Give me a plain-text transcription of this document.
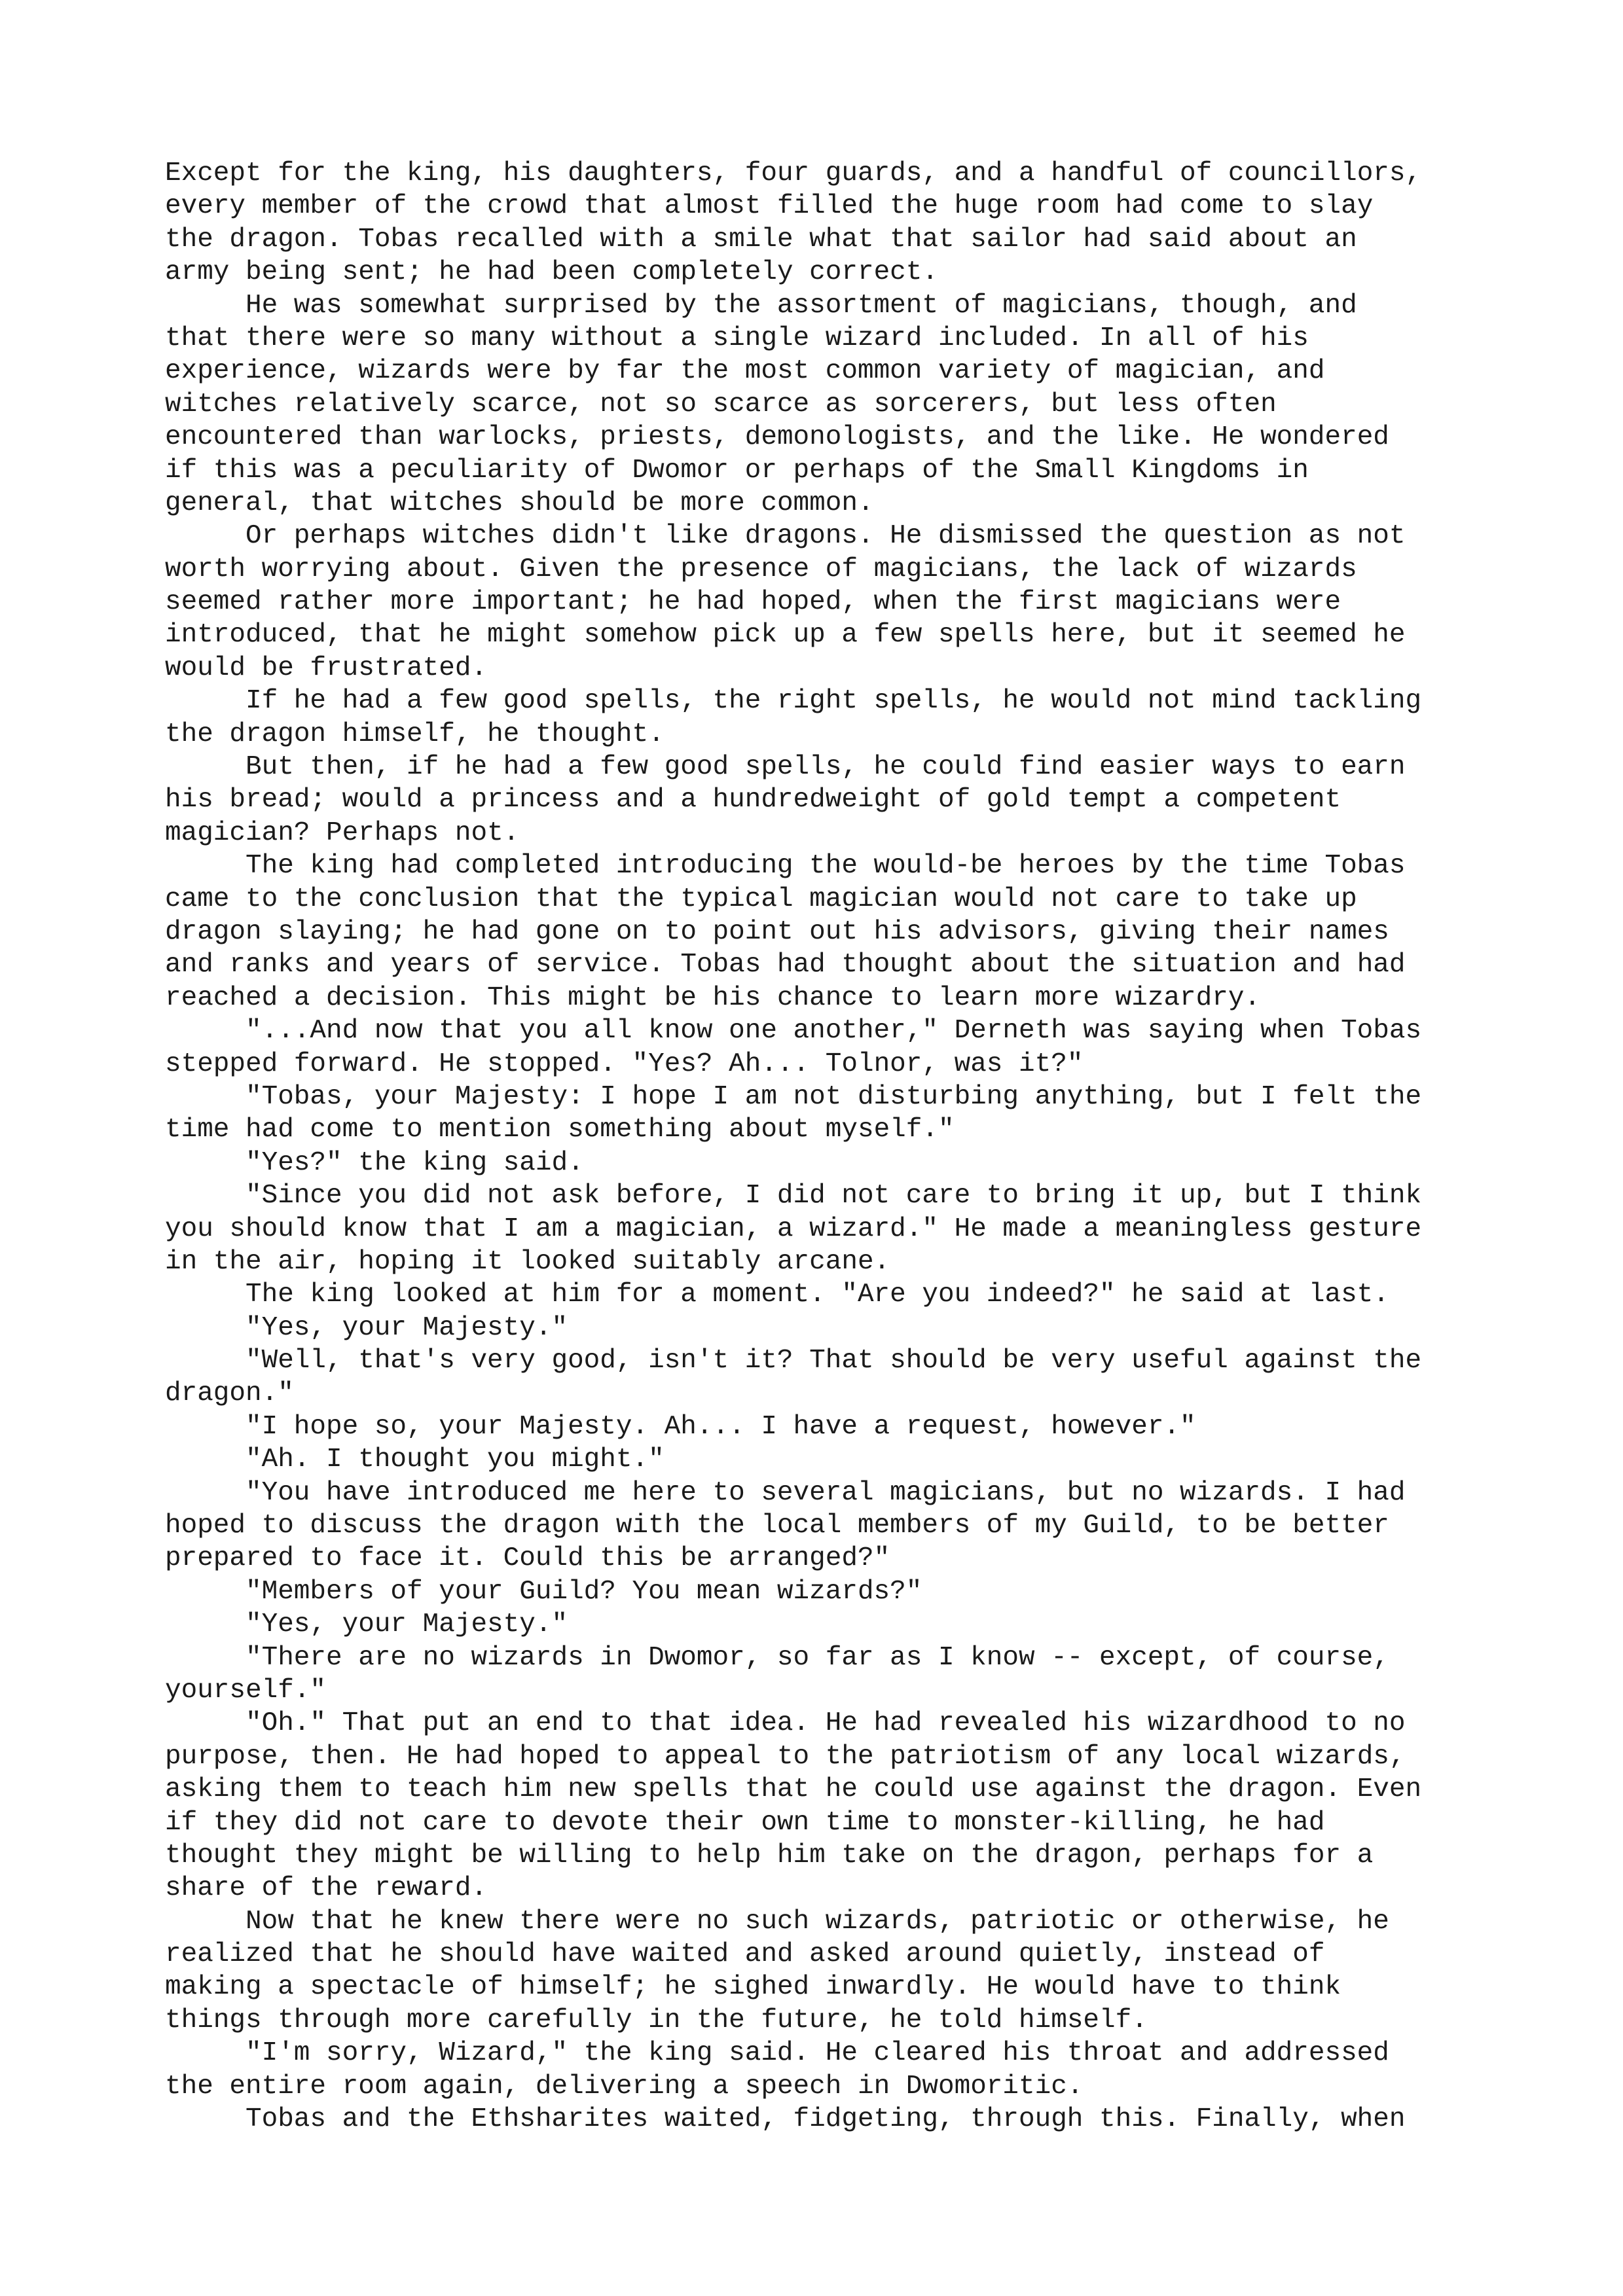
Except for the king, his daughters, four guards, and a handful of councillors,
every member of the crowd that almost filled the huge room had come to slay
the dragon. Tobas recalled with a smile what that sailor had said about an
army being sent; he had been completely correct.
He was somewhat surprised by the assortment of magicians, though, and
that there were so many without a single wizard included. In all of his
experience, wizards were by far the most common variety of magician, and
witches relatively scarce, not so scarce as sorcerers, but less often
encountered than warlocks, priests, demonologists, and the like. He wondered
if this was a peculiarity of Dwomor or perhaps of the Small Kingdoms in
general, that witches should be more common.
Or perhaps witches didn't like dragons. He dismissed the question as not
worth worrying about. Given the presence of magicians, the lack of wizards
seemed rather more important; he had hoped, when the first magicians were
introduced, that he might somehow pick up a few spells here, but it seemed he
would be frustrated.
If he had a few good spells, the right spells, he would not mind tackling
the dragon himself, he thought.
But then, if he had a few good spells, he could find easier ways to earn
his bread; would a princess and a hundredweight of gold tempt a competent
magician? Perhaps not.
The king had completed introducing the would-be heroes by the time Tobas
came to the conclusion that the typical magician would not care to take up
dragon slaying; he had gone on to point out his advisors, giving their names
and ranks and years of service. Tobas had thought about the situation and had
reached a decision. This might be his chance to learn more wizardry.
"...And now that you all know one another," Derneth was saying when Tobas
stepped forward. He stopped. "Yes? Ah... Tolnor, was it?"
"Tobas, your Majesty: I hope I am not disturbing anything, but I felt the
time had come to mention something about myself."
"Yes?" the king said.
"Since you did not ask before, I did not care to bring it up, but I think
you should know that I am a magician, a wizard." He made a meaningless gesture
in the air, hoping it looked suitably arcane.
The king looked at him for a moment. "Are you indeed?" he said at last.
"Yes, your Majesty."
"Well, that's very good, isn't it? That should be very useful against the
dragon."
"I hope so, your Majesty. Ah... I have a request, however."
"Ah. I thought you might."
"You have introduced me here to several magicians, but no wizards. I had
hoped to discuss the dragon with the local members of my Guild, to be better
prepared to face it. Could this be arranged?"
"Members of your Guild? You mean wizards?"
"Yes, your Majesty."
"There are no wizards in Dwomor, so far as I know -- except, of course,
yourself."
"Oh." That put an end to that idea. He had revealed his wizardhood to no
purpose, then. He had hoped to appeal to the patriotism of any local wizards,
asking them to teach him new spells that he could use against the dragon. Even
if they did not care to devote their own time to monster-killing, he had
thought they might be willing to help him take on the dragon, perhaps for a
share of the reward.
Now that he knew there were no such wizards, patriotic or otherwise, he
realized that he should have waited and asked around quietly, instead of
making a spectacle of himself; he sighed inwardly. He would have to think
things through more carefully in the future, he told himself.
"I'm sorry, Wizard," the king said. He cleared his throat and addressed
the entire room again, delivering a speech in Dwomoritic.
Tobas and the Ethsharites waited, fidgeting, through this. Finally, when
